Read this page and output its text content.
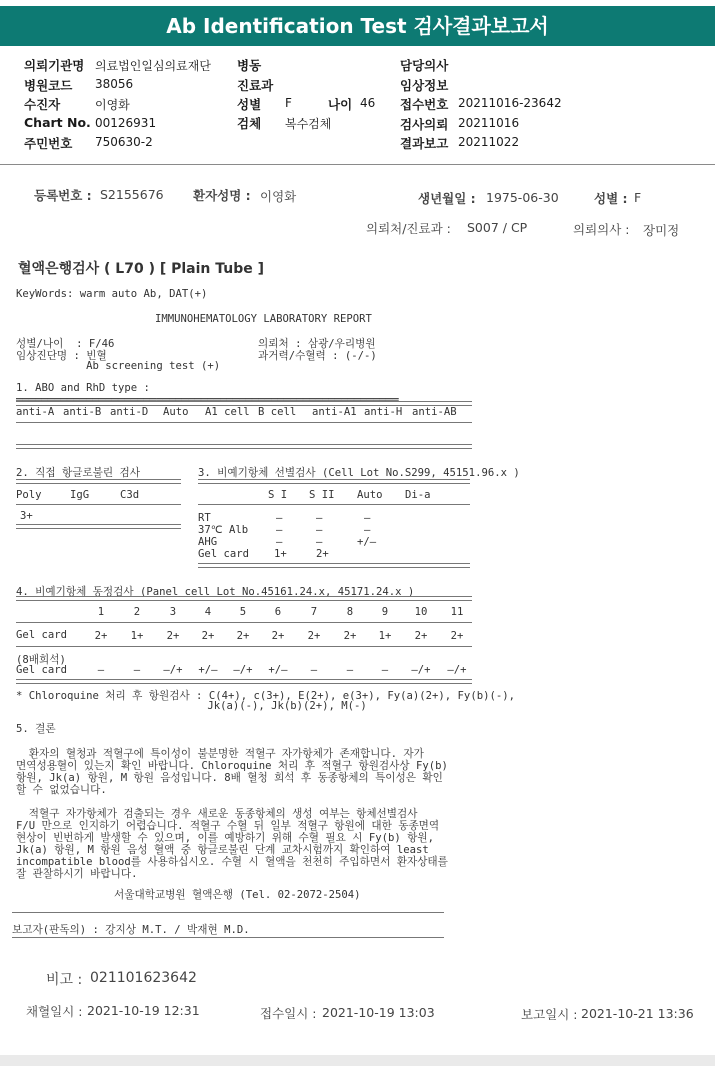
Ab Identification Test 검사결과보고서
의뢰기관명 의료법인일심의료재단
병원코드 38056
수진자	이영화
Chart No. 00126931
주민번호 750630-2
병동
진료과
성별 F	나이 46
검체 복수검체
담당의사
임상정보
접수번호 20211016-23642
검사의뢰 20211016
결과보고 20211022
등록번호 : S2155676 환자성명 : 이영화	생년월일 : 1975-06-30	성별 : F
의뢰처/진료과 : S007 / CP	의뢰의사 : 장미정
혈액은행검사 ( L70 ) [ Plain Tube ]
KeyWords: warm auto Ab, DAT(+)
IMMUNOHEMATOLOGY LABORATORY REPORT
성별/나이  : F/46
임상진단명 : 빈혈
Ab screening test (+)
의뢰처 : 삼광/우리병원
과거력/수혈력 : (-/-)
1. ABO and RhD type :
════════════════════════════════════════════════════════════
anti-A anti-B anti-D Auto A1 cell B cell anti-A1 anti-H anti-AB
2. 직접 항글로불린 검사
Poly	IgG	C3d
3+
3. 비예기항체 선별검사 (Cell Lot No.S299, 45151.96.x )
S I S II Auto Di-a
RT	–	–	–
37℃ Alb	–	–	–
AHG	–	–	+/–
Gel card 1+	2+
4. 비예기항체 동정검사 (Panel cell Lot No.45161.24.x, 45171.24.x )
1	2	3	4	5	6	7	8	9	10	11
Gel card	2+	1+	2+	2+	2+	2+	2+	2+	1+	2+	2+
(8배희석)
Gel card	–	–	–/+	+/–	–/+	+/–	–	–	–	–/+	–/+
* Chloroquine 처리 후 항원검사 : C(4+), c(3+), E(2+), e(3+), Fy(a)(2+), Fy(b)(-),
Jk(a)(-), Jk(b)(2+), M(-)
5. 결론
환자의 혈청과 적혈구에 특이성이 불분명한 적혈구 자가항체가 존재합니다. 자가
면역성용혈이 있는지 확인 바랍니다. Chloroquine 처리 후 적혈구 항원검사상 Fy(b)
항원, Jk(a) 항원, M 항원 음성입니다. 8배 혈청 희석 후 동종항체의 특이성은 확인
할 수 없었습니다.
적혈구 자가항체가 검출되는 경우 새로운 동종항체의 생성 여부는 항체선별검사
F/U 만으로 인지하기 어렵습니다. 적혈구 수혈 뒤 일부 적혈구 항원에 대한 동종면역
현상이 빈번하게 발생할 수 있으며, 이를 예방하기 위해 수혈 필요 시 Fy(b) 항원,
Jk(a) 항원, M 항원 음성 혈액 중 항글로불린 단계 교차시험까지 확인하여 least
incompatible blood를 사용하십시오. 수혈 시 혈액을 천천히 주입하면서 환자상태를
잘 관찰하시기 바랍니다.
서울대학교병원 혈액은행 (Tel. 02-2072-2504)
보고자(판독의) : 강지상 M.T. / 박재현 M.D.
비고 : 021101623642
채혈일시 : 2021-10-19 12:31	접수일시 : 2021-10-19 13:03	보고일시 : 2021-10-21 13:36
